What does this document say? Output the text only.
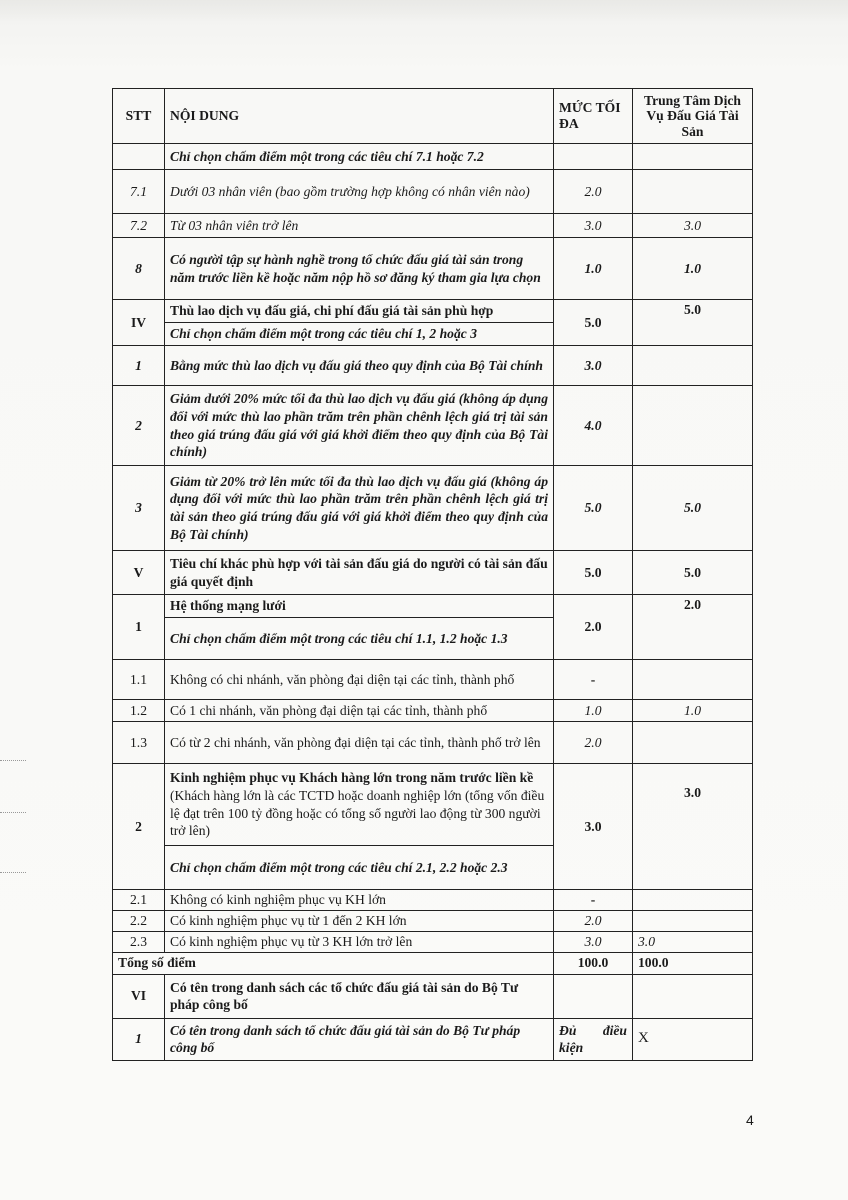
STT	NỘI DUNG	MỨC TỐI ĐA	Trung Tâm Dịch Vụ Đấu Giá Tài Sản
	Chỉ chọn chấm điểm một trong các tiêu chí 7.1 hoặc 7.2		
7.1	Dưới 03 nhân viên (bao gồm trường hợp không có nhân viên nào)	2.0	
7.2	Từ 03 nhân viên trở lên	3.0	3.0
8	Có người tập sự hành nghề trong tổ chức đấu giá tài sản trong năm trước liền kề hoặc năm nộp hồ sơ đăng ký tham gia lựa chọn	1.0	1.0
IV	Thù lao dịch vụ đấu giá, chi phí đấu giá tài sản phù hợp	5.0	5.0
	Chỉ chọn chấm điểm một trong các tiêu chí 1, 2 hoặc 3		
1	Bằng mức thù lao dịch vụ đấu giá theo quy định của Bộ Tài chính	3.0	
2	Giảm dưới 20% mức tối đa thù lao dịch vụ đấu giá (không áp dụng đối với mức thù lao phần trăm trên phần chênh lệch giá trị tài sản theo giá trúng đấu giá với giá khởi điểm theo quy định của Bộ Tài chính)	4.0	
3	Giảm từ 20% trở lên mức tối đa thù lao dịch vụ đấu giá (không áp dụng đối với mức thù lao phần trăm trên phần chênh lệch giá trị tài sản theo giá trúng đấu giá với giá khởi điểm theo quy định của Bộ Tài chính)	5.0	5.0
V	Tiêu chí khác phù hợp với tài sản đấu giá do người có tài sản đấu giá quyết định	5.0	5.0
1	Hệ thống mạng lưới	2.0	2.0
	Chỉ chọn chấm điểm một trong các tiêu chí 1.1, 1.2 hoặc 1.3		
1.1	Không có chi nhánh, văn phòng đại diện tại các tỉnh, thành phố	-	
1.2	Có 1 chi nhánh, văn phòng đại diện tại các tỉnh, thành phố	1.0	1.0
1.3	Có từ 2 chi nhánh, văn phòng đại diện tại các tỉnh, thành phố trở lên	2.0	
2	Kinh nghiệm phục vụ Khách hàng lớn trong năm trước liền kề (Khách hàng lớn là các TCTD hoặc doanh nghiệp lớn (tổng vốn điều lệ đạt trên 100 tỷ đồng hoặc có tổng số người lao động từ 300 người trở lên)	3.0	3.0
	Chỉ chọn chấm điểm một trong các tiêu chí 2.1, 2.2 hoặc 2.3		
2.1	Không có kinh nghiệm phục vụ KH lớn	-	
2.2	Có kinh nghiệm phục vụ từ 1 đến 2 KH lớn	2.0	
2.3	Có kinh nghiệm phục vụ từ 3 KH lớn trở lên	3.0	3.0
Tổng số điểm		100.0	100.0
VI	Có tên trong danh sách các tổ chức đấu giá tài sản do Bộ Tư pháp công bố		
1	Có tên trong danh sách tổ chức đấu giá tài sản do Bộ Tư pháp công bố	Đủ điều kiện	X
4
